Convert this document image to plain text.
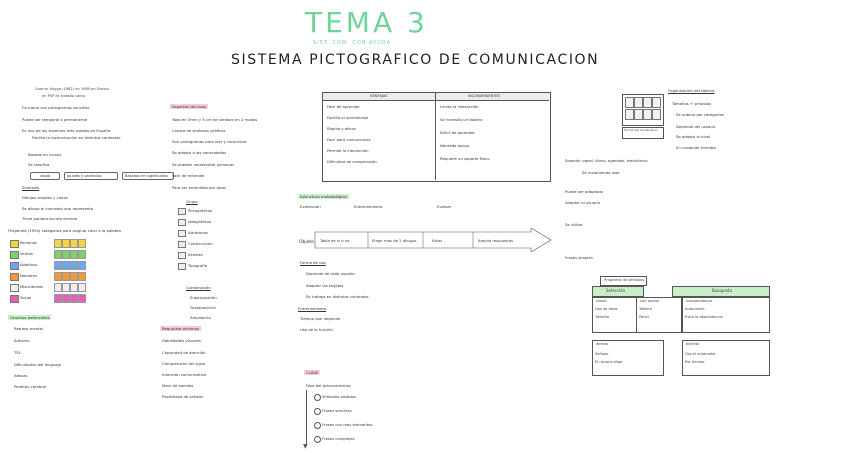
TEMA 3
SIST. COM. CON AYUDA
SISTEMA PICTOGRAFICO DE COMUNICACION
Gudrun Hoygo (1982) en 1980 en Suecia
en PSP es tratado como
Funciona con pictogramas sencillos
Puede ser temporal o permanente
Es uno de los sistemas más usados en España
Facilita la comunicación en distintos contextos
Basado en iconos
Se clasifica
visual	Iguales y parecidos	Basados en significados
Símbolos
Dibujos simples y claros
Se dibuja el concepto que representa
Tiene palabra escrita encima
Fitzgerald (1954) categorías para asignar color a la palabra
Personas
Verbos
Adjetivos
Nombres
Misceláneos
Social
Usuarios potenciales
Retraso mental
Autismo
TEL
Dificultades del lenguaje
Afasias
Parálisis cerebral
Aspectos técnicos
Todo en 3mm y 5 cm de símbolo en 2 modos
Consta de símbolos gráficos
Son pictogramas para leer y comunicar
Se adapta a las necesidades
Se pueden representar personas
Facil de entender
Para ser entendido por otros
Grupo
Pictográficos
Ideográficos
Arbitrarios
Construcción
Señales
Tipografía
Combinación
Superposición
Yuxtaposición
Ampliación
Requisitos mínimos
Habilidades visuales
Capacidad de atención
Comprensión del signo
Intención comunicativa
Nivel de sonidos
Posibilidad de señalar
VENTAJAS	INCONVENIENTES
Fácil de aprender
Facilita el aprendizaje
Rápido y eficaz
Facil para comunicarse
Permite la interacción
Dificultad de comprensión
Limita la interacción
Se necesita un tablero
Difícil de aprender
Necesita apoyo
Requiere un soporte físico
Estructura metodológica
Evaluación	Entrenamiento	Evaluar
Objeto Tabla de sí o no	Elegir mas de 2 dibujos	Estas	Amplía respuestas
Forma de uso
Depende de cada usuario
Adaptar las tarjetas
Se trabaja en distintos contextos
Entrenamiento
Tiempo que depende
Uso de la función
CLAVE
Fase del entrenamiento
▼
Símbolos aislados
Frases sencillas
Frases con más elementos
Frases complejas
Forma del vocabulario
Organización del tablero
Tamaños + símbolos
Se ordena por categorías
Depende del usuario
Se adapta al nivel
En cualquier formato
Soporte: papel, libros, agendas, electrónico
Se recomienda usar
Puede ser adaptado
Adaptar al usuario
Se utiliza
Frases simples
Programa de símbolos
Selección	Búsqueda
visual
Uso de fotos
Tamaño
con ayuda
Tablero
Panel
independencia
Autonomía
Evita la dependencia
directo
Señalar
El usuario elige
barrido
Usa el ordenador
Por tiempo
